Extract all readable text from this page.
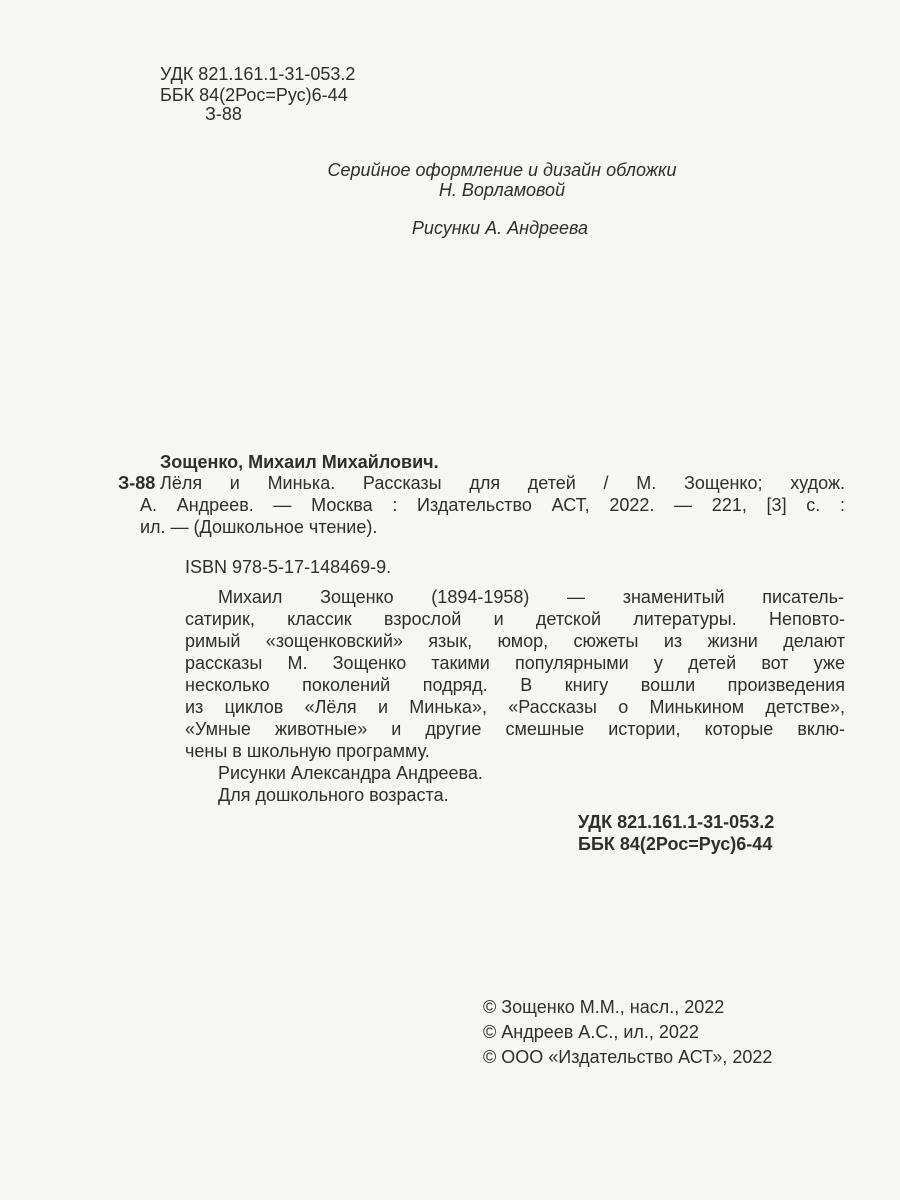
УДК 821.161.1-31-053.2
ББК 84(2Рос=Рус)6-44
З-88
Серийное оформление и дизайн обложки
Н. Ворламовой
Рисунки А. Андреева
Зощенко, Михаил Михайлович.
З-88 Лёля и Минька. Рассказы для детей / М. Зощенко; худож.
А. Андреев. — Москва : Издательство АСТ, 2022. — 221, [3] с. :
ил. — (Дошкольное чтение).
ISBN 978-5-17-148469-9.
Михаил Зощенко (1894-1958) — знаменитый писатель-
сатирик, классик взрослой и детской литературы. Неповто-
римый «зощенковский» язык, юмор, сюжеты из жизни делают
рассказы М. Зощенко такими популярными у детей вот уже
несколько поколений подряд. В книгу вошли произведения
из циклов «Лёля и Минька», «Рассказы о Минькином детстве»,
«Умные животные» и другие смешные истории, которые вклю-
чены в школьную программу.
Рисунки Александра Андреева.
Для дошкольного возраста.
УДК 821.161.1-31-053.2
ББК 84(2Рос=Рус)6-44
© Зощенко М.М., насл., 2022
© Андреев А.С., ил., 2022
© ООО «Издательство АСТ», 2022
